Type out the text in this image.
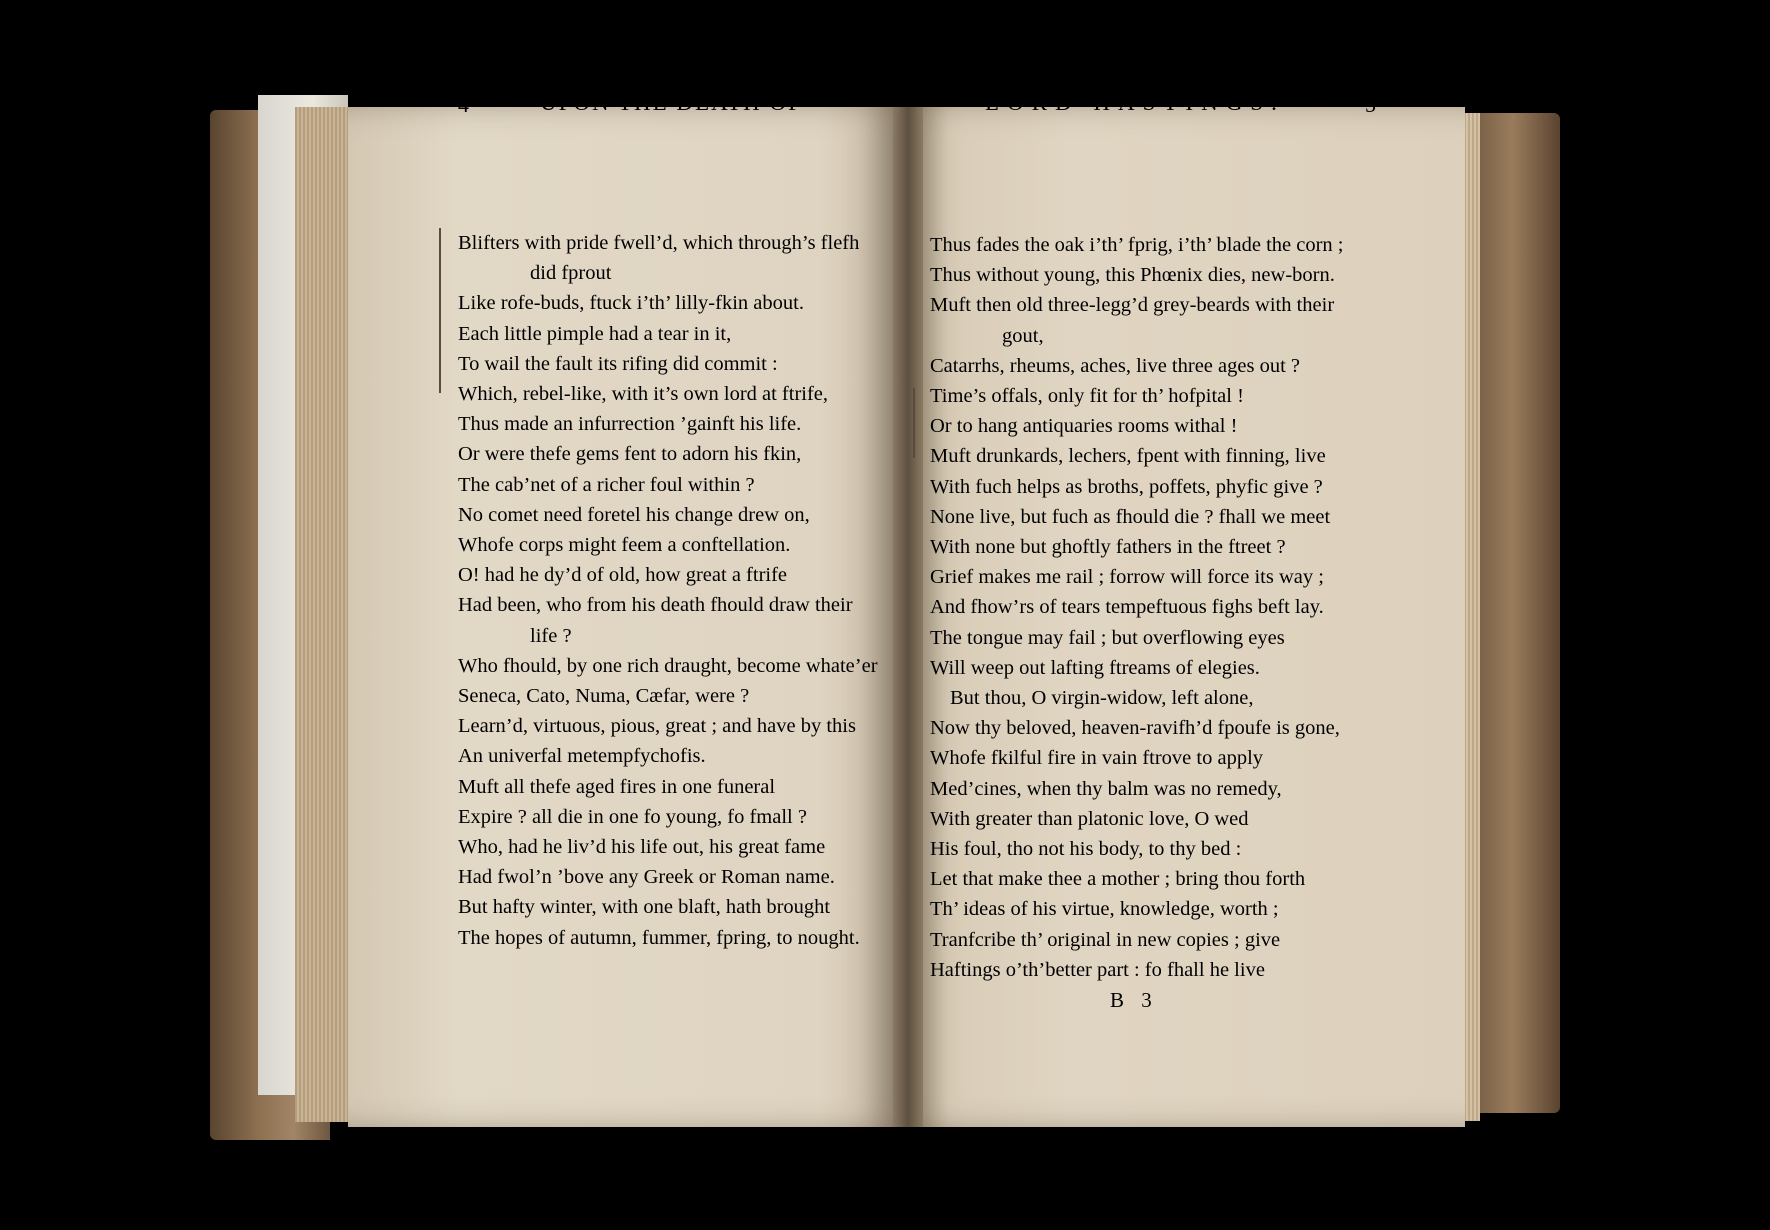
UPON THE DEATH OF
4	LORD HASTINGS.	5
Blifters with pride fwell’d, which through’s flefh
did fprout
Like rofe-buds, ftuck i’th’ lilly-fkin about.
Each little pimple had a tear in it,
To wail the fault its rifing did commit :
Which, rebel-like, with it’s own lord at ftrife,
Thus made an infurrection ’gainft his life.
Or were thefe gems fent to adorn his fkin,
The cab’net of a richer foul within ?
No comet need foretel his change drew on,
Whofe corps might feem a conftellation.
O! had he dy’d of old, how great a ftrife
Had been, who from his death fhould draw their
life ?
Who fhould, by one rich draught, become whate’er
Seneca, Cato, Numa, Cæfar, were ?
Learn’d, virtuous, pious, great ; and have by this
An univerfal metempfychofis.
Muft all thefe aged fires in one funeral
Expire ? all die in one fo young, fo fmall ?
Who, had he liv’d his life out, his great fame
Had fwol’n ’bove any Greek or Roman name.
But hafty winter, with one blaft, hath brought
The hopes of autumn, fummer, fpring, to nought.
Thus fades the oak i’th’ fprig, i’th’ blade the corn ;
Thus without young, this Phœnix dies, new-born.
Muft then old three-legg’d grey-beards with their
gout,
Catarrhs, rheums, aches, live three ages out ?
Time’s offals, only fit for th’ hofpital !
Or to hang antiquaries rooms withal !
Muft drunkards, lechers, fpent with finning, live
With fuch helps as broths, poffets, phyfic give ?
None live, but fuch as fhould die ? fhall we meet
With none but ghoftly fathers in the ftreet ?
Grief makes me rail ; forrow will force its way ;
And fhow’rs of tears tempeftuous fighs beft lay.
The tongue may fail ; but overflowing eyes
Will weep out lafting ftreams of elegies.
But thou, O virgin-widow, left alone,
Now thy beloved, heaven-ravifh’d fpoufe is gone,
Whofe fkilful fire in vain ftrove to apply
Med’cines, when thy balm was no remedy,
With greater than platonic love, O wed
His foul, tho not his body, to thy bed :
Let that make thee a mother ; bring thou forth
Th’ ideas of his virtue, knowledge, worth ;
Tranfcribe th’ original in new copies ; give
Haftings o’th’better part : fo fhall he live
B 3
